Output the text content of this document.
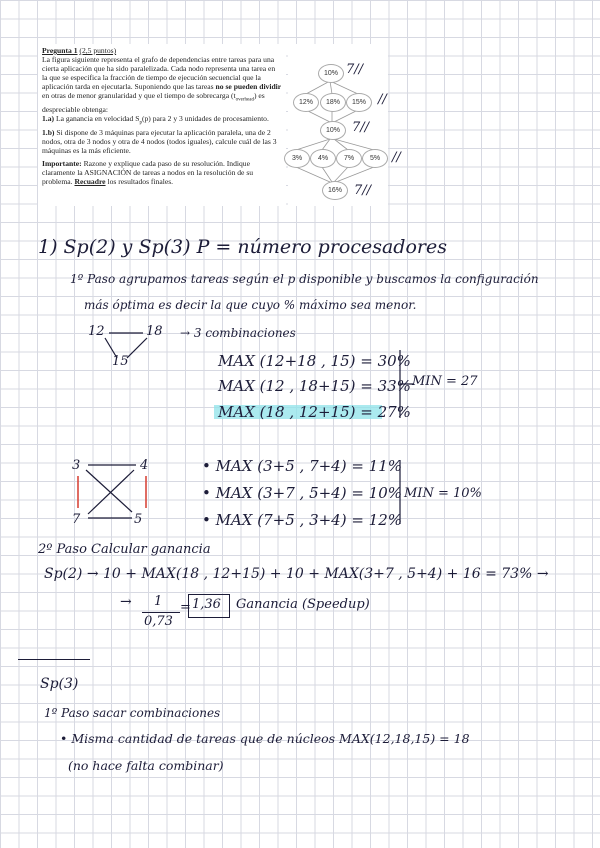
Pregunta 1 (2,5 puntos)
La figura siguiente representa el grafo de dependencias entre tareas para una cierta aplicación que ha sido paralelizada. Cada nodo representa una tarea en la que se especifica la fracción de tiempo de ejecución secuencial que la aplicación tarda en ejecutarla. Suponiendo que las tareas no se pueden dividir en otras de menor granularidad y que el tiempo de sobrecarga $(t_{overhead})$ es despreciable obtenga:
1.a) La ganancia en velocidad $S_p(p)$ para 2 y 3 unidades de procesamiento.
1.b) Si dispone de 3 máquinas para ejecutar la aplicación paralela, una de 2 nodos, otra de 3 nodos y otra de 4 nodos (todos iguales), calcule cuál de las 3 máquinas es la más eficiente.

Importante: Razone y explique cada paso de su resolución. Indique claramente la ASIGNACIÓN de tareas a nodos en la resolución de su problema. Recuadre los resultados finales.
10%
12%	18%	15%
10%
3%	4%	7%	5%
16%
7//
//
7//
//
7//
1) Sp(2) y Sp(3) P = número procesadores
1º Paso agrupamos tareas según el p disponible y buscamos la configuración
más óptima es decir la que cuyo % máximo sea menor.
12	18
15
→ 3 combinaciones
MAX (12+18 , 15) = 30%
MAX (12 , 18+15) = 33%
MAX (18 , 12+15) = 27%
MIN = 27
3	4
7	5
• MAX (3+5 , 7+4) = 11%
• MAX (3+7 , 5+4) = 10%
• MAX (7+5 , 3+4) = 12%
MIN = 10%
2º Paso Calcular ganancia
Sp(2) → 10 + MAX(18 , 12+15) + 10 + MAX(3+7 , 5+4) + 16 = 73% →
→ 1
0,73
= 1,36 Ganancia (Speedup)
Sp(3)
1º Paso sacar combinaciones
• Misma cantidad de tareas que de núcleos MAX(12,18,15) = 18
(no hace falta combinar)
